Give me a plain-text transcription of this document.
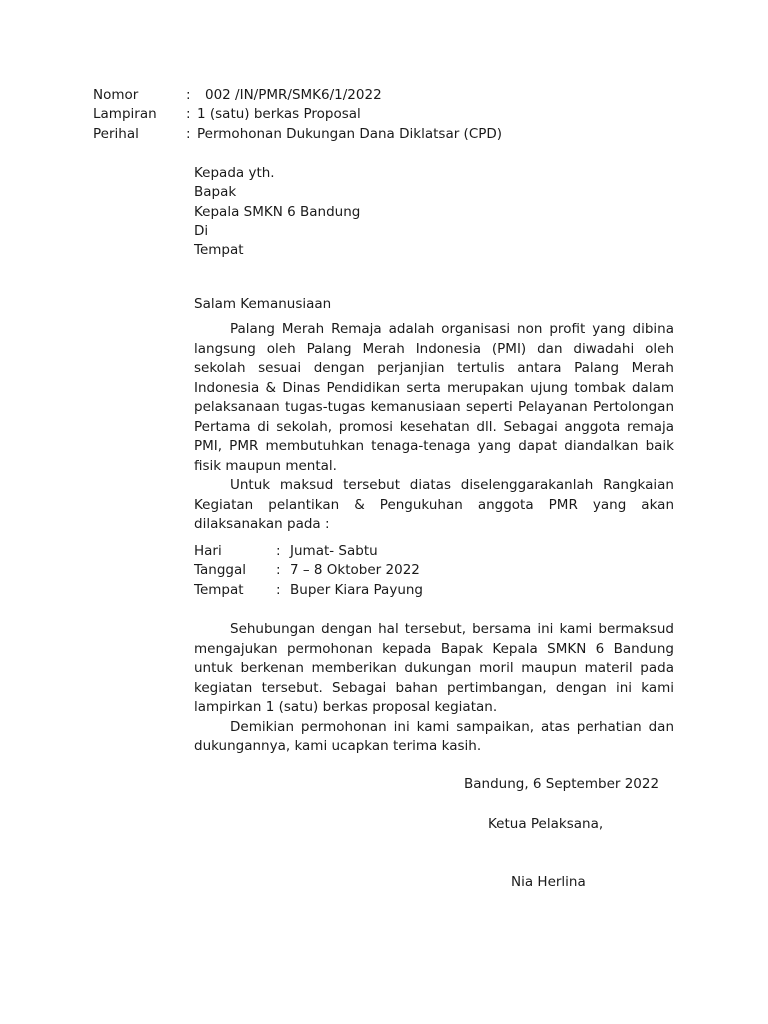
Nomor	: 002 /IN/PMR/SMK6/1/2022
Lampiran : 1 (satu) berkas Proposal
Perihal	: Permohonan Dukungan Dana Diklatsar (CPD)
Kepada yth.
Bapak
Kepala SMKN 6 Bandung
Di
Tempat
Salam Kemanusiaan

Palang Merah Remaja adalah organisasi non profit yang dibina langsung oleh Palang Merah Indonesia (PMI) dan diwadahi oleh sekolah sesuai dengan perjanjian tertulis antara Palang Merah Indonesia & Dinas Pendidikan serta merupakan ujung tombak dalam pelaksanaan tugas-tugas kemanusiaan seperti Pelayanan Pertolongan Pertama di sekolah, promosi kesehatan dll. Sebagai anggota remaja PMI, PMR membutuhkan tenaga-tenaga yang dapat diandalkan baik fisik maupun mental.

Untuk maksud tersebut diatas diselenggarakanlah Rangkaian Kegiatan pelantikan & Pengukuhan anggota PMR yang akan dilaksanakan pada :

Hari	: Jumat- Sabtu
Tanggal : 7 – 8 Oktober 2022
Tempat : Buper Kiara Payung

Sehubungan dengan hal tersebut, bersama ini kami bermaksud mengajukan permohonan kepada Bapak Kepala SMKN 6 Bandung untuk berkenan memberikan dukungan moril maupun materil pada kegiatan tersebut. Sebagai bahan pertimbangan, dengan ini kami lampirkan 1 (satu) berkas proposal kegiatan.

Demikian permohonan ini kami sampaikan, atas perhatian dan dukungannya, kami ucapkan terima kasih.

Bandung, 6 September 2022
Ketua Pelaksana,
Nia Herlina
